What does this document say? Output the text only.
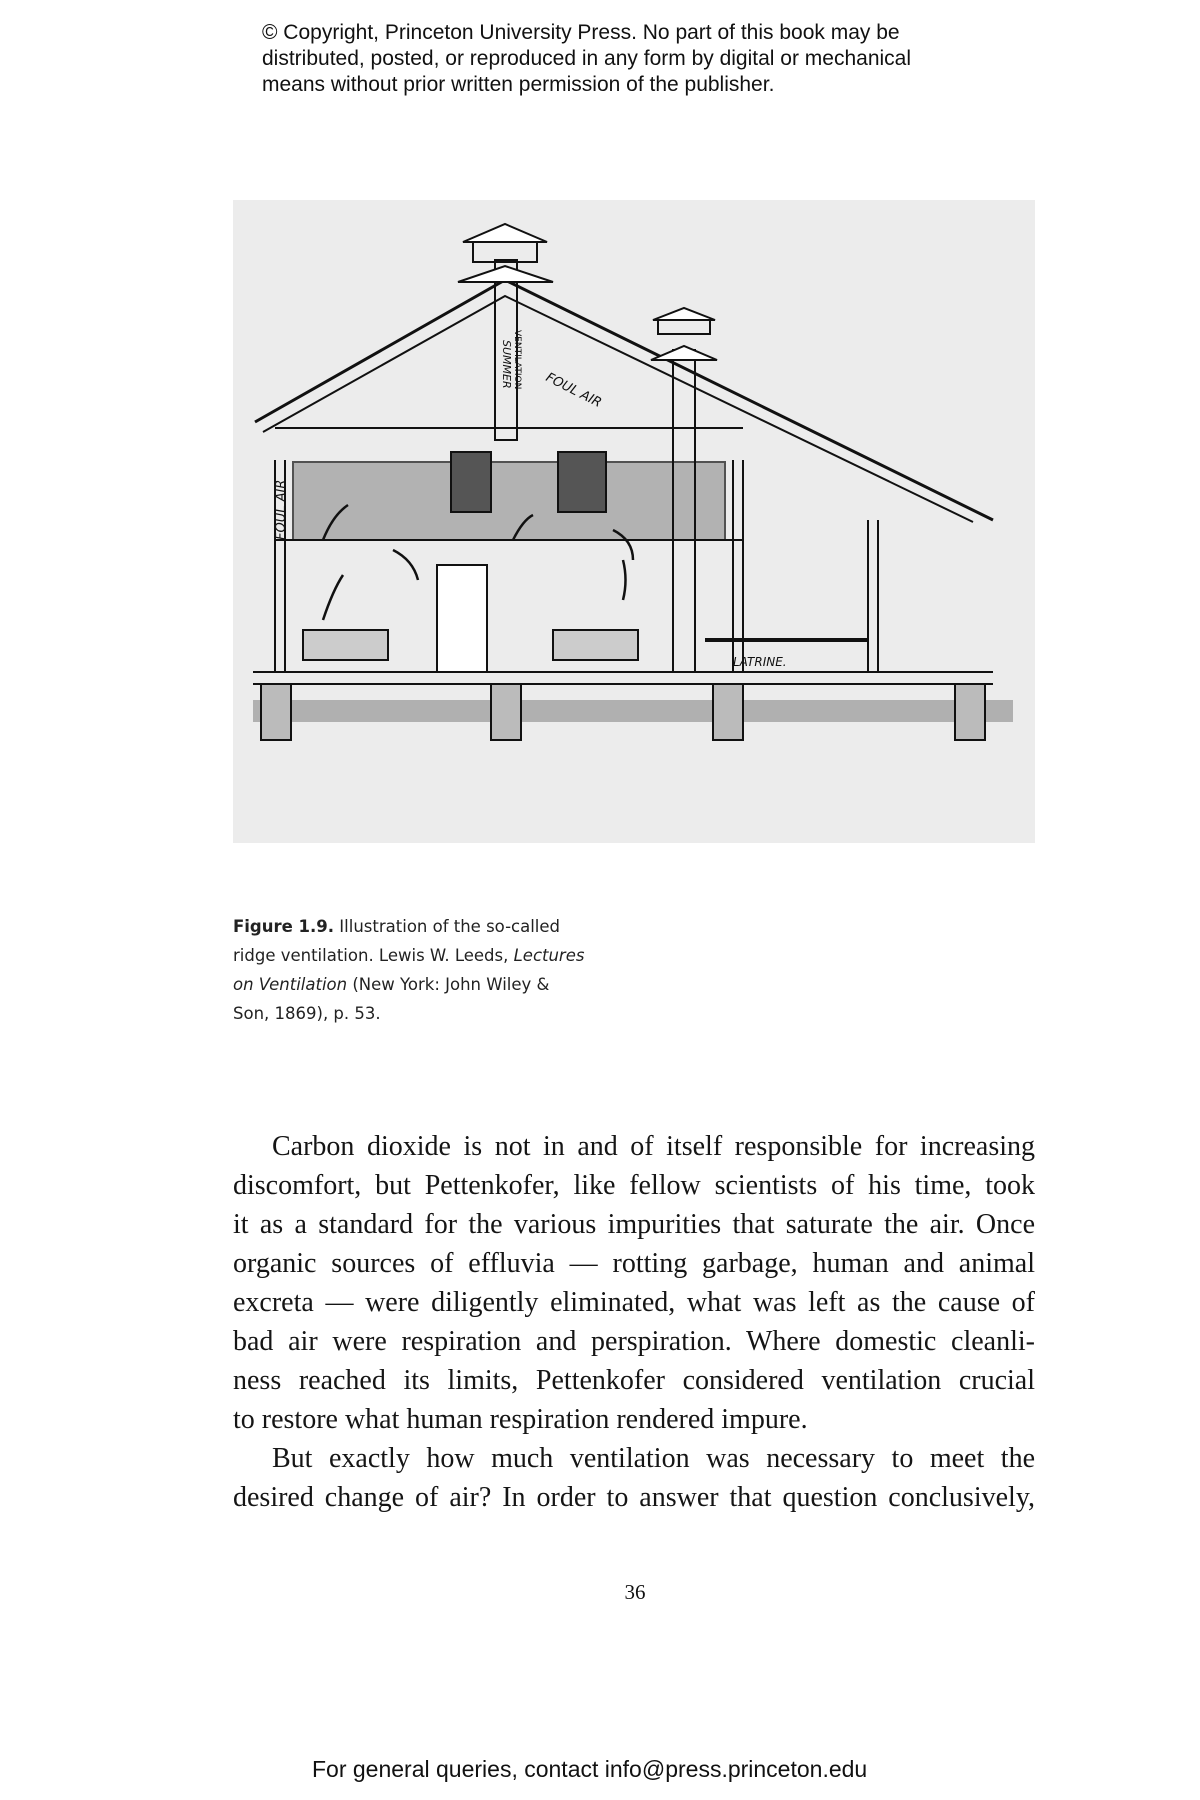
© Copyright, Princeton University Press. No part of this book may be
distributed, posted, or reproduced in any form by digital or mechanical
means without prior written permission of the publisher.
SUMMER VENTILATION
FOUL AIR
FOUL AIR
LATRINE.
Figure 1.9. Illustration of the so-called
ridge ventilation. Lewis W. Leeds, Lectures
on Ventilation (New York: John Wiley &
Son, 1869), p. 53.
Carbon dioxide is not in and of itself responsible for increasing
discomfort, but Pettenkofer, like fellow scientists of his time, took
it as a standard for the various impurities that saturate the air. Once
organic sources of effluvia — rotting garbage, human and animal
excreta — were diligently eliminated, what was left as the cause of
bad air were respiration and perspiration. Where domestic cleanli-
ness reached its limits, Pettenkofer considered ventilation crucial
to restore what human respiration rendered impure.
But exactly how much ventilation was necessary to meet the
desired change of air? In order to answer that question conclusively,
36
For general queries, contact info@press.princeton.edu
